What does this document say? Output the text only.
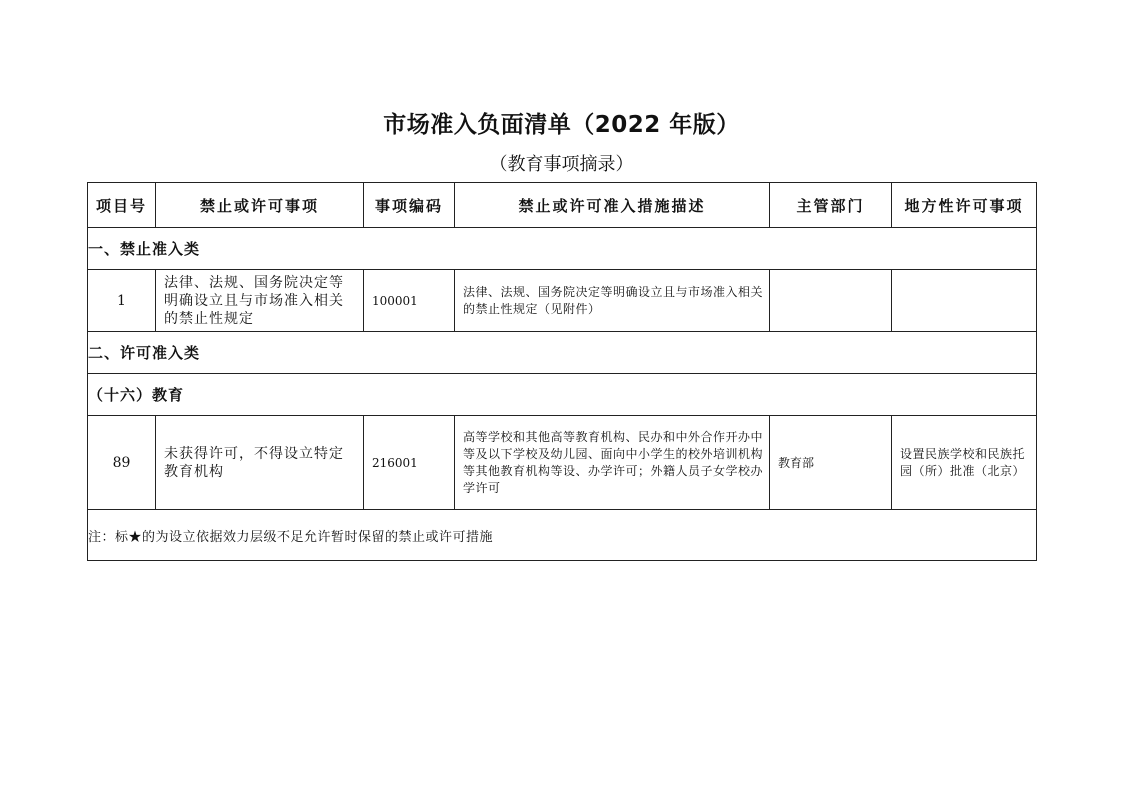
市场准入负面清单（2022 年版）
（教育事项摘录）
项目号	禁止或许可事项	事项编码	禁止或许可准入措施描述	主管部门	地方性许可事项
一、禁止准入类					
1	法律、法规、国务院决定等明确设立且与市场准入相关的禁止性规定	100001	法律、法规、国务院决定等明确设立且与市场准入相关的禁止性规定（见附件）		
二、许可准入类					
（十六）教育					
89	未获得许可，不得设立特定教育机构	216001	高等学校和其他高等教育机构、民办和中外合作开办中等及以下学校及幼儿园、面向中小学生的校外培训机构等其他教育机构等设、办学许可；外籍人员子女学校办学许可	教育部	设置民族学校和民族托园（所）批准（北京）
注：标★的为设立依据效力层级不足允许暂时保留的禁止或许可措施					
